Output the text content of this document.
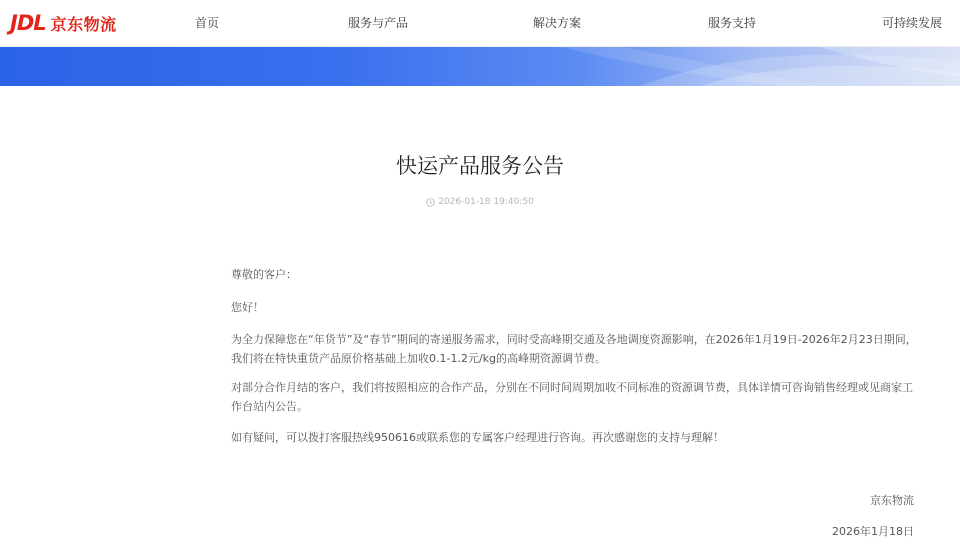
JDL 京东物流	首页	服务与产品	解决方案	服务支持	可持续发展
快运产品服务公告
2026-01-18 19:40:50

尊敬的客户：

您好！

为全力保障您在“年货节”及“春节”期间的寄递服务需求，同时受高峰期交通及各地调度资源影响，在2026年1月19日-2026年2月23日期间，我们将在特快重货产品原价格基础上加收0.1-1.2元/kg的高峰期资源调节费。

对部分合作月结的客户，我们将按照相应的合作产品，分别在不同时间周期加收不同标准的资源调节费，具体详情可咨询销售经理或见商家工作台站内公告。

如有疑问，可以拨打客服热线950616或联系您的专属客户经理进行咨询。再次感谢您的支持与理解！

京东物流

2026年1月18日
